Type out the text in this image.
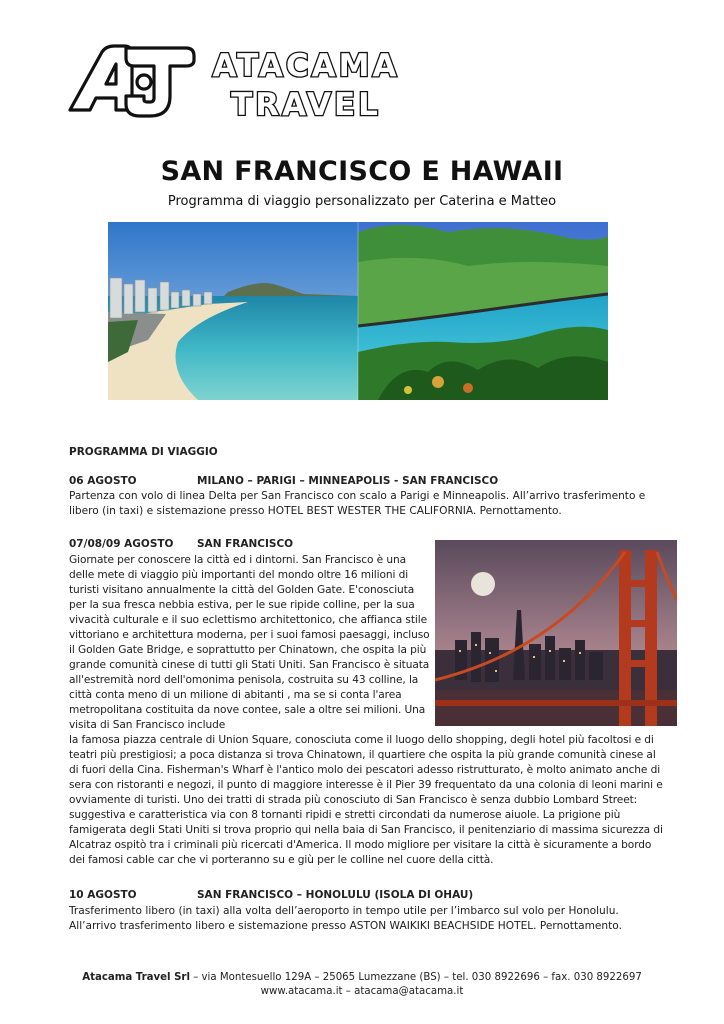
AT
ATACAMA
TRAVEL
SAN FRANCISCO E HAWAII
Programma di viaggio personalizzato per Caterina e Matteo
PROGRAMMA DI VIAGGIO
06 AGOSTO	MILANO – PARIGI – MINNEAPOLIS - SAN FRANCISCO
Partenza con volo di linea Delta per San Francisco con scalo a Parigi e Minneapolis. All’arrivo trasferimento e libero (in taxi) e sistemazione presso HOTEL BEST WESTER THE CALIFORNIA. Pernottamento.
07/08/09 AGOSTO SAN FRANCISCO
Giornate per conoscere la città ed i dintorni. San Francisco è una delle mete di viaggio più importanti del mondo oltre 16 milioni di turisti visitano annualmente la città del Golden Gate. E'conosciuta per la sua fresca nebbia estiva, per le sue ripide colline, per la sua vivacità culturale e il suo eclettismo architettonico, che affianca stile vittoriano e architettura moderna, per i suoi famosi paesaggi, incluso il Golden Gate Bridge, e soprattutto per Chinatown, che ospita la più grande comunità cinese di tutti gli Stati Uniti. San Francisco è situata all'estremità nord dell'omonima penisola, costruita su 43 colline, la città conta meno di un milione di abitanti , ma se si conta l'area metropolitana costituita da nove contee, sale a oltre sei milioni. Una visita di San Francisco include
la famosa piazza centrale di Union Square, conosciuta come il luogo dello shopping, degli hotel più facoltosi e di teatri più prestigiosi; a poca distanza si trova Chinatown, il quartiere che ospita la più grande comunità cinese al di fuori della Cina. Fisherman's Wharf è l'antico molo dei pescatori adesso ristrutturato, è molto animato anche di sera con ristoranti e negozi, il punto di maggiore interesse è il Pier 39 frequentato da una colonia di leoni marini e ovviamente di turisti. Uno dei tratti di strada più conosciuto di San Francisco è senza dubbio Lombard Street: suggestiva e caratteristica via con 8 tornanti ripidi e stretti circondati da numerose aiuole. La prigione più famigerata degli Stati Uniti si trova proprio qui nella baia di San Francisco, il penitenziario di massima sicurezza di Alcatraz ospitò tra i criminali più ricercati d'America. Il modo migliore per visitare la città è sicuramente a bordo dei famosi cable car che vi porteranno su e giù per le colline nel cuore della città.
10 AGOSTO	SAN FRANCISCO – HONOLULU (ISOLA DI OHAU)
Trasferimento libero (in taxi) alla volta dell’aeroporto in tempo utile per l’imbarco sul volo per Honolulu. All’arrivo trasferimento libero e sistemazione presso ASTON WAIKIKI BEACHSIDE HOTEL. Pernottamento.
Atacama Travel Srl – via Montesuello 129A – 25065 Lumezzane (BS) – tel. 030 8922696 – fax. 030 8922697
www.atacama.it – atacama@atacama.it
